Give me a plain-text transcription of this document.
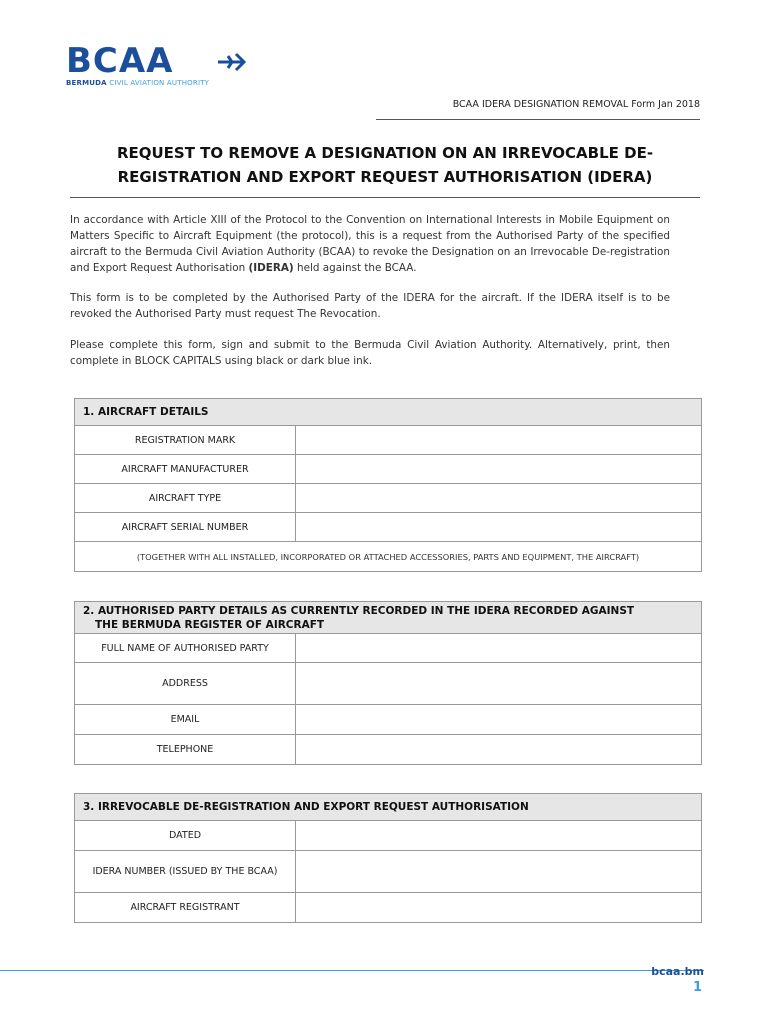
BCAA
BERMUDA CIVIL AVIATION AUTHORITY
BCAA IDERA DESIGNATION REMOVAL Form Jan 2018
REQUEST TO REMOVE A DESIGNATION ON AN IRREVOCABLE DE-
REGISTRATION AND EXPORT REQUEST AUTHORISATION (IDERA)

In accordance with Article XIII of the Protocol to the Convention on International Interests in Mobile Equipment on Matters Specific to Aircraft Equipment (the protocol), this is a request from the Authorised Party of the specified aircraft to the Bermuda Civil Aviation Authority (BCAA) to revoke the Designation on an Irrevocable De-registration and Export Request Authorisation (IDERA) held against the BCAA.

This form is to be completed by the Authorised Party of the IDERA for the aircraft. If the IDERA itself is to be revoked the Authorised Party must request The Revocation.

Please complete this form, sign and submit to the Bermuda Civil Aviation Authority. Alternatively, print, then complete in BLOCK CAPITALS using black or dark blue ink.

1. AIRCRAFT DETAILS	
REGISTRATION MARK	
AIRCRAFT MANUFACTURER	
AIRCRAFT TYPE	
AIRCRAFT SERIAL NUMBER	
(TOGETHER WITH ALL INSTALLED, INCORPORATED OR ATTACHED ACCESSORIES, PARTS AND EQUIPMENT, THE AIRCRAFT)	
2. AUTHORISED PARTY DETAILS AS CURRENTLY RECORDED IN THE IDERA RECORDED AGAINST
THE BERMUDA REGISTER OF AIRCRAFT	

FULL NAME OF AUTHORISED PARTY	
ADDRESS	
EMAIL	
TELEPHONE	
3. IRREVOCABLE DE-REGISTRATION AND EXPORT REQUEST AUTHORISATION	
DATED	
IDERA NUMBER (ISSUED BY THE BCAA)	
AIRCRAFT REGISTRANT	
bcaa.bm
1
